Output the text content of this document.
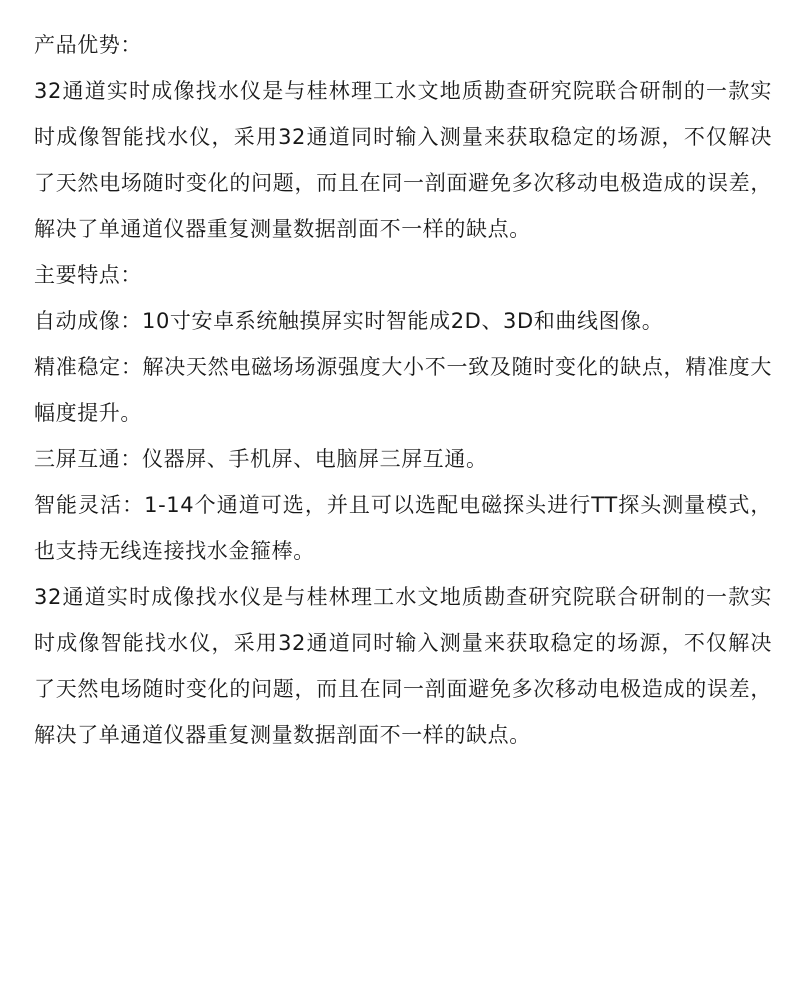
产品优势：

32通道实时成像找水仪是与桂林理工水文地质勘查研究院联合研制的一款实时成像智能找水仪，采用32通道同时输入测量来获取稳定的场源，不仅解决了天然电场随时变化的问题，而且在同一剖面避免多次移动电极造成的误差，解决了单通道仪器重复测量数据剖面不一样的缺点。

主要特点：

自动成像：10寸安卓系统触摸屏实时智能成2D、3D和曲线图像。

精准稳定：解决天然电磁场场源强度大小不一致及随时变化的缺点，精准度大幅度提升。

三屏互通：仪器屏、手机屏、电脑屏三屏互通。

智能灵活：1-14个通道可选，并且可以选配电磁探头进行TT探头测量模式，也支持无线连接找水金箍棒。

32通道实时成像找水仪是与桂林理工水文地质勘查研究院联合研制的一款实时成像智能找水仪，采用32通道同时输入测量来获取稳定的场源，不仅解决了天然电场随时变化的问题，而且在同一剖面避免多次移动电极造成的误差，解决了单通道仪器重复测量数据剖面不一样的缺点。
